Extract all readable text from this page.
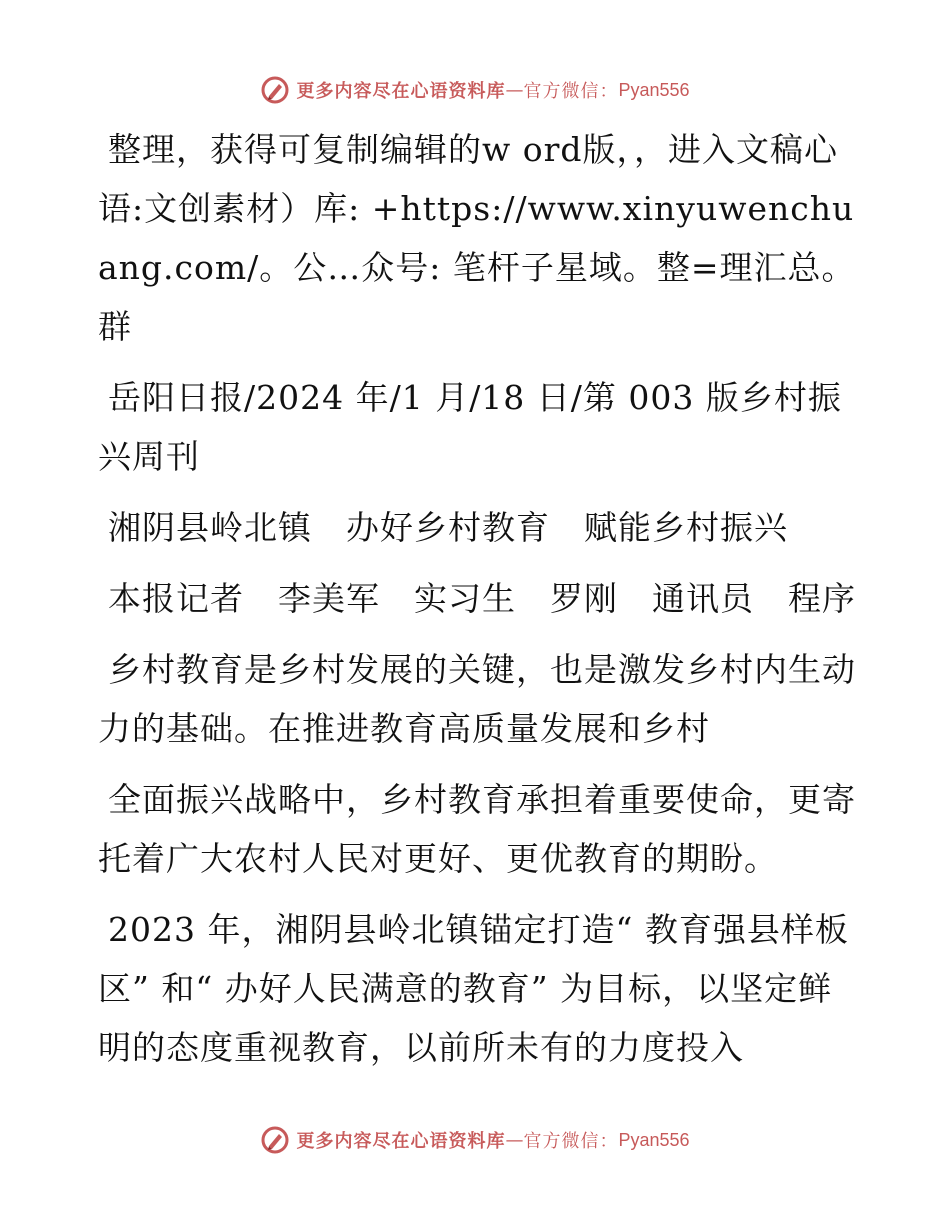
更多内容尽在心语资料库 — 官方微信： Pyan556

整理，获得可复制编辑的w ord版，，进入文稿心语:文创素材）库: +https://www.xinyuwenchuang.com/。公…众号: 笔杆子星域。整=理汇总。群

岳阳日报/2024 年/1 月/18 日/第 003 版乡村振兴周刊

湘阴县岭北镇　办好乡村教育　赋能乡村振兴

本报记者　李美军　实习生　罗刚　通讯员　程序

乡村教育是乡村发展的关键，也是激发乡村内生动力的基础。在推进教育高质量发展和乡村

全面振兴战略中，乡村教育承担着重要使命，更寄托着广大农村人民对更好、更优教育的期盼。

2023 年，湘阴县岭北镇锚定打造“ 教育强县样板区” 和“ 办好人民满意的教育” 为目标，以坚定鲜明的态度重视教育，以前所未有的力度投入

更多内容尽在心语资料库 — 官方微信： Pyan556
